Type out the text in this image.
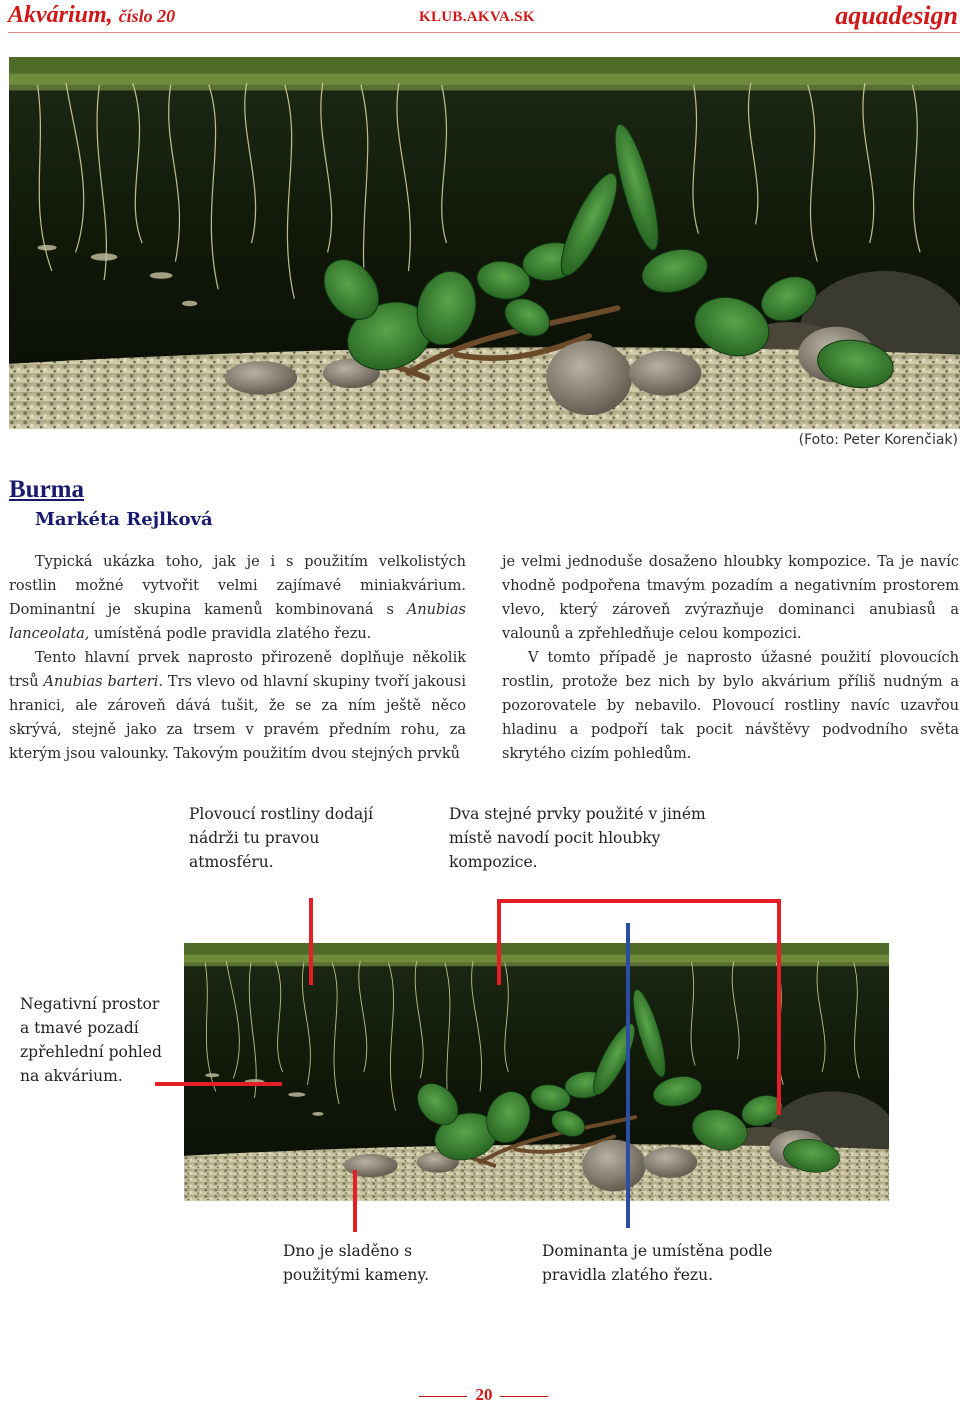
Akvárium, číslo 20	KLUB.AKVA.SK	aquadesign
(Foto: Peter Korenčiak)
Burma
Markéta Rejlková

Typická ukázka toho, jak je i s použitím velkolistých rostlin možné vytvořit velmi zajímavé miniakvárium. Dominantní je skupina kamenů kombinovaná s Anubias lanceolata, umístěná podle pravidla zlatého řezu.

Tento hlavní prvek naprosto přirozeně doplňuje několik trsů Anubias barteri. Trs vlevo od hlavní skupiny tvoří jakousi hranici, ale zároveň dává tušit, že se za ním ještě něco skrývá, stejně jako za trsem v pravém předním rohu, za kterým jsou valounky. Takovým použitím dvou stejných prvků

je velmi jednoduše dosaženo hloubky kompozice. Ta je navíc vhodně podpořena tmavým pozadím a negativním prostorem vlevo, který zároveň zvýrazňuje dominanci anubiasů a valounů a zpřehledňuje celou kompozici.

V tomto případě je naprosto úžasné použití plovoucích rostlin, protože bez nich by bylo akvárium příliš nudným a pozorovatele by nebavilo. Plovoucí rostliny navíc uzavřou hladinu a podpoří tak pocit návštěvy podvodního světa skrytého cizím pohledům.

Plovoucí rostliny dodají nádrži tu pravou atmosféru.
Dva stejné prvky použité v jiném místě navodí pocit hloubky kompozice.
Negativní prostor a tmavé pozadí zpřehlední pohled na akvárium.
Dno je sladěno s použitými kameny.
Dominanta je umístěna podle pravidla zlatého řezu.
20
